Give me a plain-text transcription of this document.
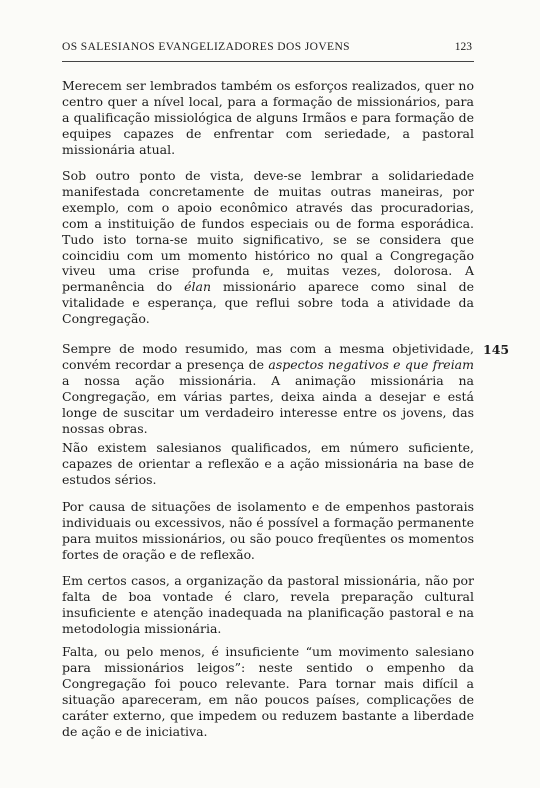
OS SALESIANOS EVANGELIZADORES DOS JOVENS	123

Merecem ser lembrados também os esforços realizados, quer no centro quer a nível local, para a formação de missionários, para a qualificação missiológica de alguns Irmãos e para formação de equipes capazes de enfrentar com seriedade, a pastoral missionária atual.

Sob outro ponto de vista, deve-se lembrar a solidariedade manifestada concretamente de muitas outras maneiras, por exemplo, com o apoio econômico através das procuradorias, com a instituição de fundos especiais ou de forma esporádica. Tudo isto torna-se muito significativo, se se considera que coincidiu com um momento histórico no qual a Congregação viveu uma crise profunda e, muitas vezes, dolorosa. A permanência do élan missionário aparece como sinal de vitalidade e esperança, que reflui sobre toda a atividade da Congregação.

145

Sempre de modo resumido, mas com a mesma objetividade, convém recordar a presença de aspectos negativos e que freiam a nossa ação missionária. A animação missionária na Congregação, em várias partes, deixa ainda a desejar e está longe de suscitar um verdadeiro interesse entre os jovens, das nossas obras.

Não existem salesianos qualificados, em número suficiente, capazes de orientar a reflexão e a ação missionária na base de estudos sérios.

Por causa de situações de isolamento e de empenhos pastorais individuais ou excessivos, não é possível a formação permanente para muitos missionários, ou são pouco freqüentes os momentos fortes de oração e de reflexão.

Em certos casos, a organização da pastoral missionária, não por falta de boa vontade é claro, revela preparação cultural insuficiente e atenção inadequada na planificação pastoral e na metodologia missionária.

Falta, ou pelo menos, é insuficiente “um movimento salesiano para missionários leigos”: neste sentido o empenho da Congregação foi pouco relevante. Para tornar mais difícil a situação apareceram, em não poucos países, complicações de caráter externo, que impedem ou reduzem bastante a liberdade de ação e de iniciativa.
